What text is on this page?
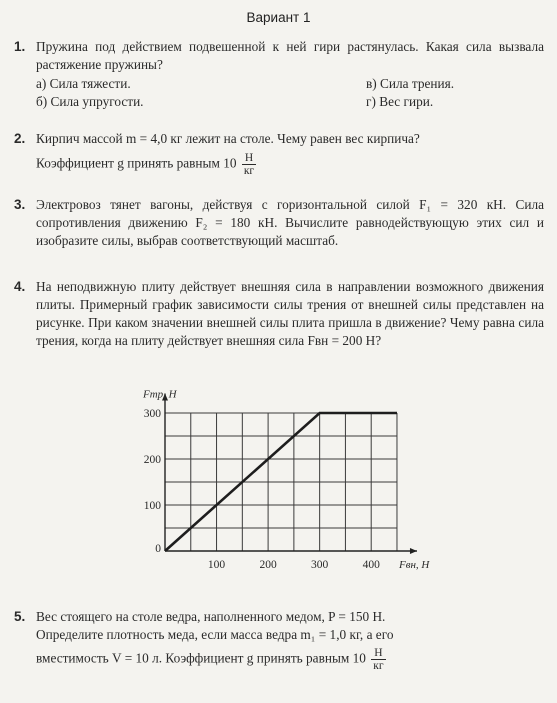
Вариант 1
1. Пружина под действием подвешенной к ней гири растянулась. Какая сила вызвала растяжение пружины?
а) Сила тяжести.	в) Сила трения.
б) Сила упругости.	г) Вес гири.
2. Кирпич массой m = 4,0 кг лежит на столе. Чему равен вес кирпича?
Коэффициент g принять равным $10 \frac{Н}{кг}$
3. Электровоз тянет вагоны, действуя с горизонтальной силой F₁ = 320 кН. Сила сопротивления движению F₂ = 180 кН. Вычислите равнодействующую этих сил и изобразите силы, выбрав соответствующий масштаб.
4. На неподвижную плиту действует внешняя сила в направлении возможного движения плиты. Примерный график зависимости силы трения от внешней силы представлен на рисунке. При каком значении внешней силы плита пришла в движение? Чему равна сила трения, когда на плиту действует внешняя сила Fвн = 200 Н?
100	200	300	400
100
200
300
0
Fтр, Н
Fвн, Н
5. Вес стоящего на столе ведра, наполненного медом, P = 150 Н.
Определите плотность меда, если масса ведра m₁ = 1,0 кг, а его
вместимость V = 10 л. Коэффициент g принять равным $10 \frac{Н}{кг}$
